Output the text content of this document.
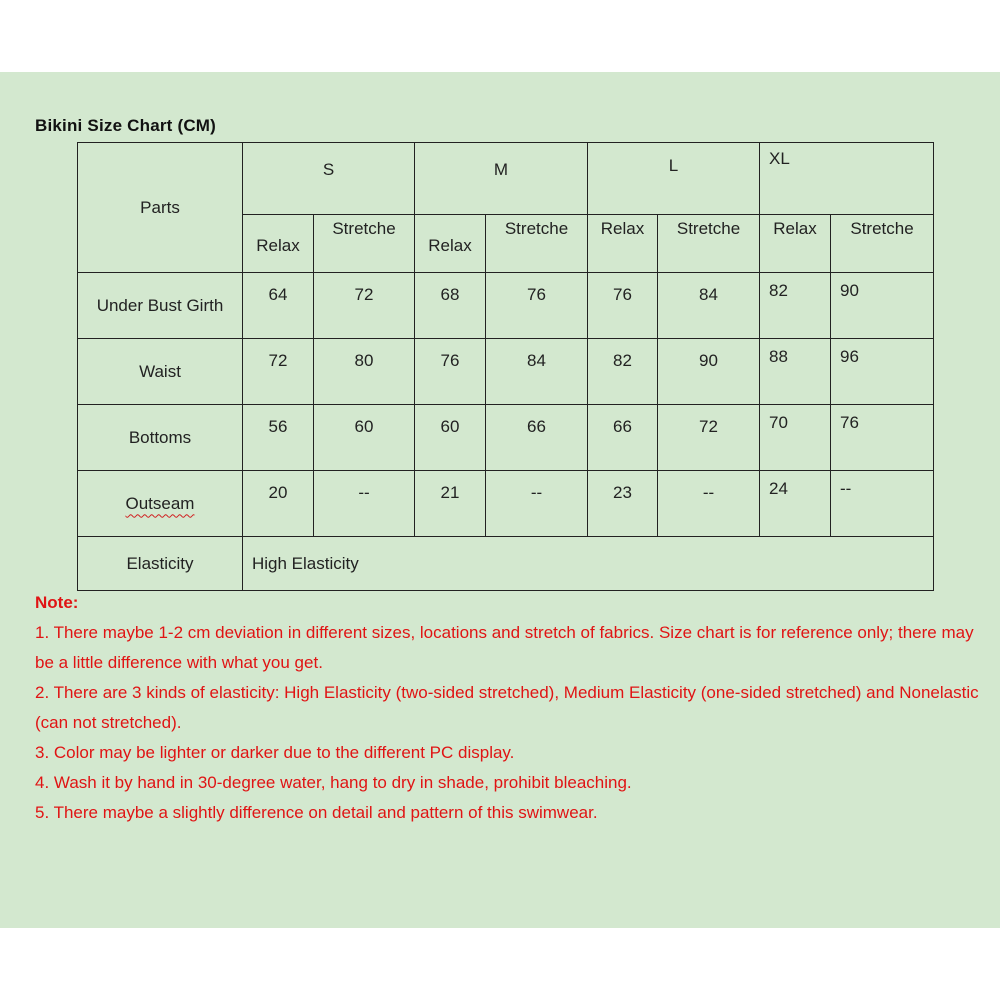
Bikini Size Chart (CM)
Parts	S		M		L		XL	
	Relax	Stretche	Relax	Stretche	Relax	Stretche	Relax	Stretche
Under Bust Girth	64	72	68	76	76	84	82	90
Waist	72	80	76	84	82	90	88	96
Bottoms	56	60	60	66	66	72	70	76
Outseam	20	--	21	--	23	--	24	--
Elasticity	High Elasticity							

Note:

1. There maybe 1-2 cm deviation in different sizes, locations and stretch of fabrics. Size chart is for reference only; there may be a little difference with what you get.

2. There are 3 kinds of elasticity: High Elasticity (two-sided stretched), Medium Elasticity (one-sided stretched) and Nonelastic (can not stretched).

3. Color may be lighter or darker due to the different PC display.

4. Wash it by hand in 30-degree water, hang to dry in shade, prohibit bleaching.

5. There maybe a slightly difference on detail and pattern of this swimwear.
